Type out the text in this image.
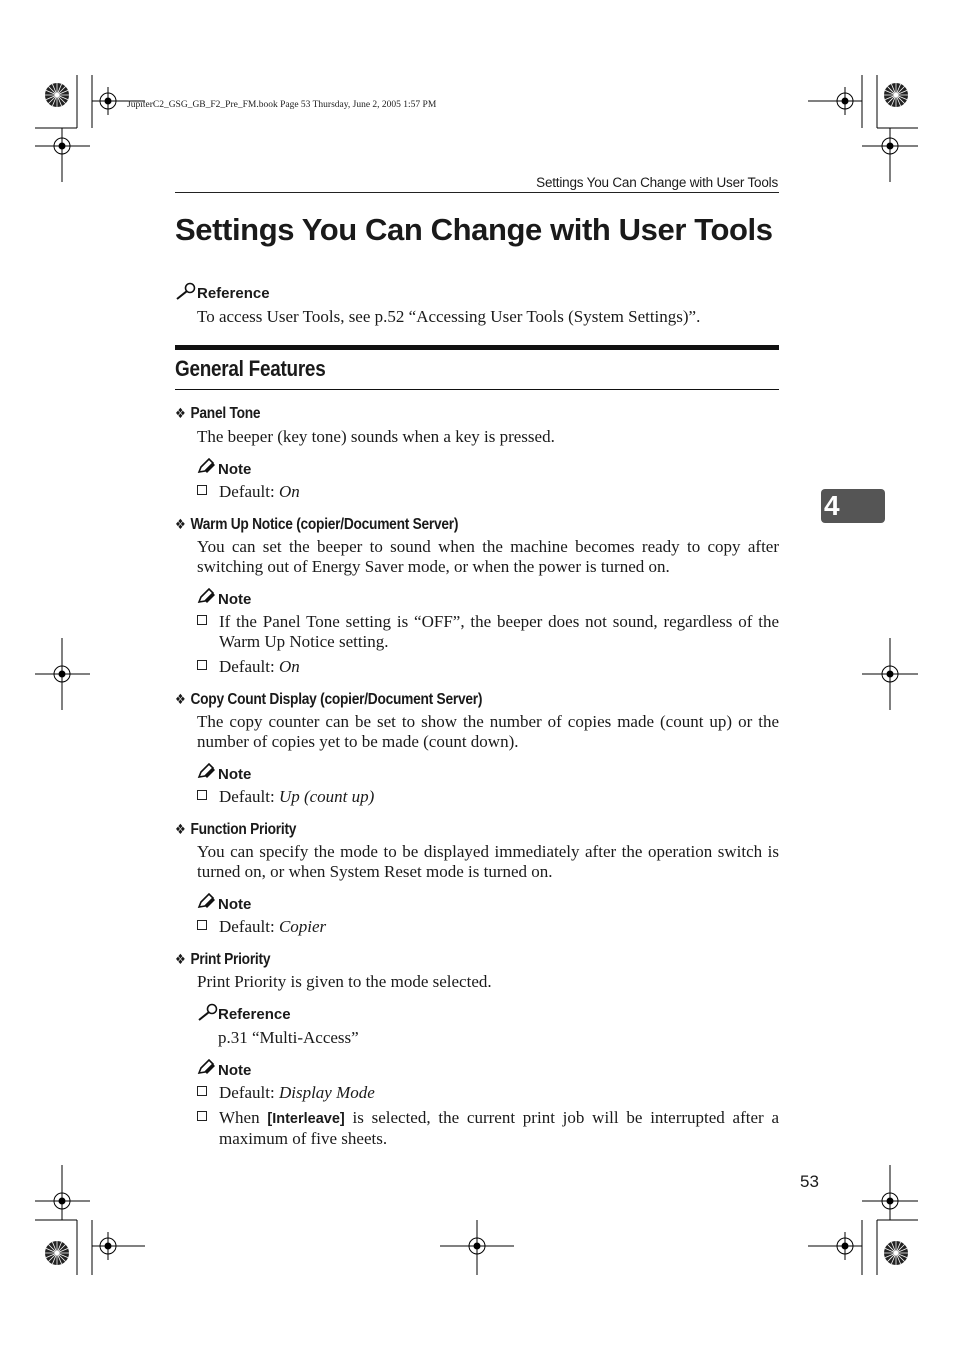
JupiterC2_GSG_GB_F2_Pre_FM.book Page 53 Thursday, June 2, 2005 1:57 PM
Settings You Can Change with User Tools
Settings You Can Change with User Tools
Reference
To access User Tools, see p.52 “Accessing User Tools (System Settings)”.
General Features
❖ Panel Tone
The beeper (key tone) sounds when a key is pressed.
Note
Default: On
❖ Warm Up Notice (copier/Document Server)
You can set the beeper to sound when the machine becomes ready to copy after switching out of Energy Saver mode, or when the power is turned on.
Note
If the Panel Tone setting is “OFF”, the beeper does not sound, regardless of the Warm Up Notice setting.
Default: On
❖ Copy Count Display (copier/Document Server)
The copy counter can be set to show the number of copies made (count up) or the number of copies yet to be made (count down).
Note
Default: Up (count up)
❖ Function Priority
You can specify the mode to be displayed immediately after the operation switch is turned on, or when System Reset mode is turned on.
Note
Default: Copier
❖ Print Priority
Print Priority is given to the mode selected.
Reference
p.31 “Multi-Access”
Note
Default: Display Mode
When [Interleave] is selected, the current print job will be interrupted after a maximum of five sheets.
4
53
